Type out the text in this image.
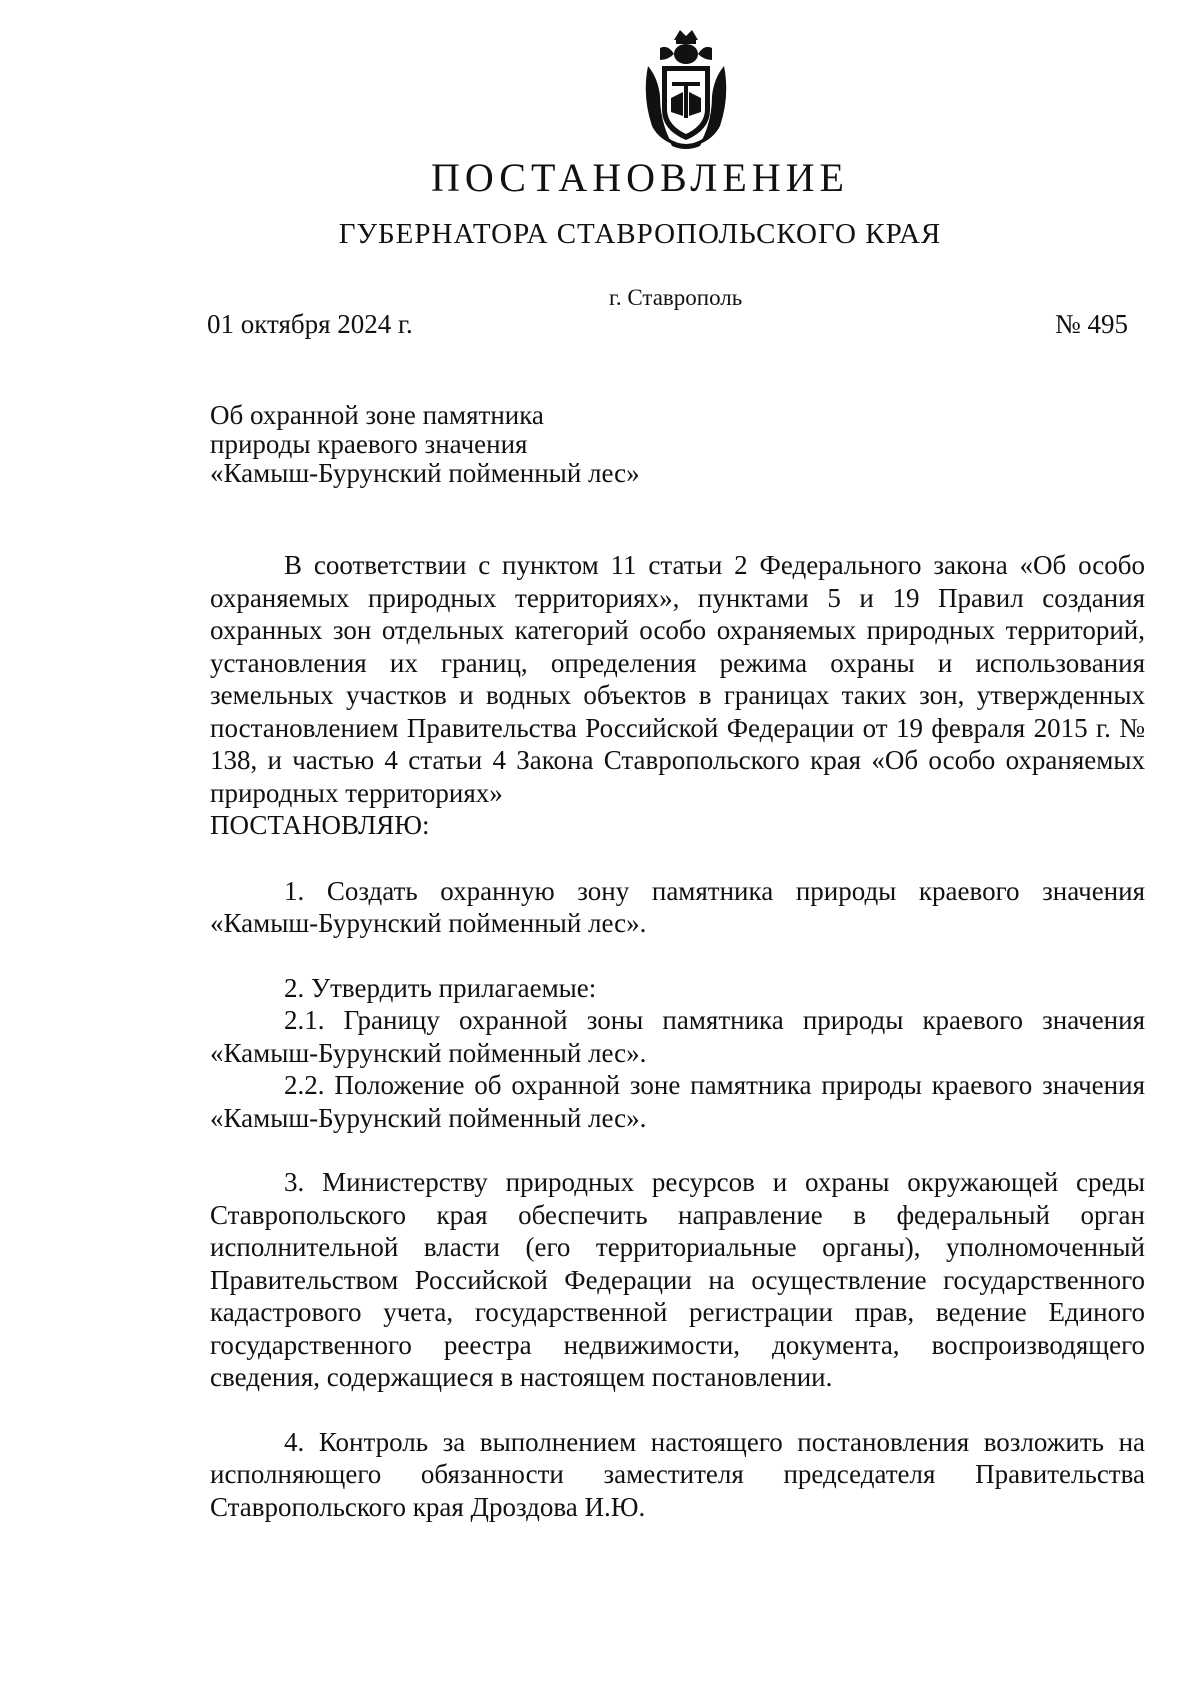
ПОСТАНОВЛЕНИЕ
ГУБЕРНАТОРА СТАВРОПОЛЬСКОГО КРАЯ
г. Ставрополь
01 октября 2024 г.	№ 495
Об охранной зоне памятника
природы краевого значения
«Камыш-Бурунский пойменный лес»

В соответствии с пунктом 11 статьи 2 Федерального закона «Об особо охраняемых природных территориях», пунктами 5 и 19 Правил создания охранных зон отдельных категорий особо охраняемых природных территорий, установления их границ, определения режима охраны и использования земельных участков и водных объектов в границах таких зон, утвержденных постановлением Правительства Российской Федерации от 19 февраля 2015 г. № 138, и частью 4 статьи 4 Закона Ставропольского края «Об особо охраняемых природных территориях»

ПОСТАНОВЛЯЮ:

1. Создать охранную зону памятника природы краевого значения «Камыш-Бурунский пойменный лес».

2. Утвердить прилагаемые:

2.1. Границу охранной зоны памятника природы краевого значения «Камыш-Бурунский пойменный лес».

2.2. Положение об охранной зоне памятника природы краевого значения «Камыш-Бурунский пойменный лес».

3. Министерству природных ресурсов и охраны окружающей среды Ставропольского края обеспечить направление в федеральный орган исполнительной власти (его территориальные органы), уполномоченный Правительством Российской Федерации на осуществление государственного кадастрового учета, государственной регистрации прав, ведение Единого государственного реестра недвижимости, документа, воспроизводящего сведения, содержащиеся в настоящем постановлении.

4. Контроль за выполнением настоящего постановления возложить на исполняющего обязанности заместителя председателя Правительства Ставропольского края Дроздова И.Ю.
